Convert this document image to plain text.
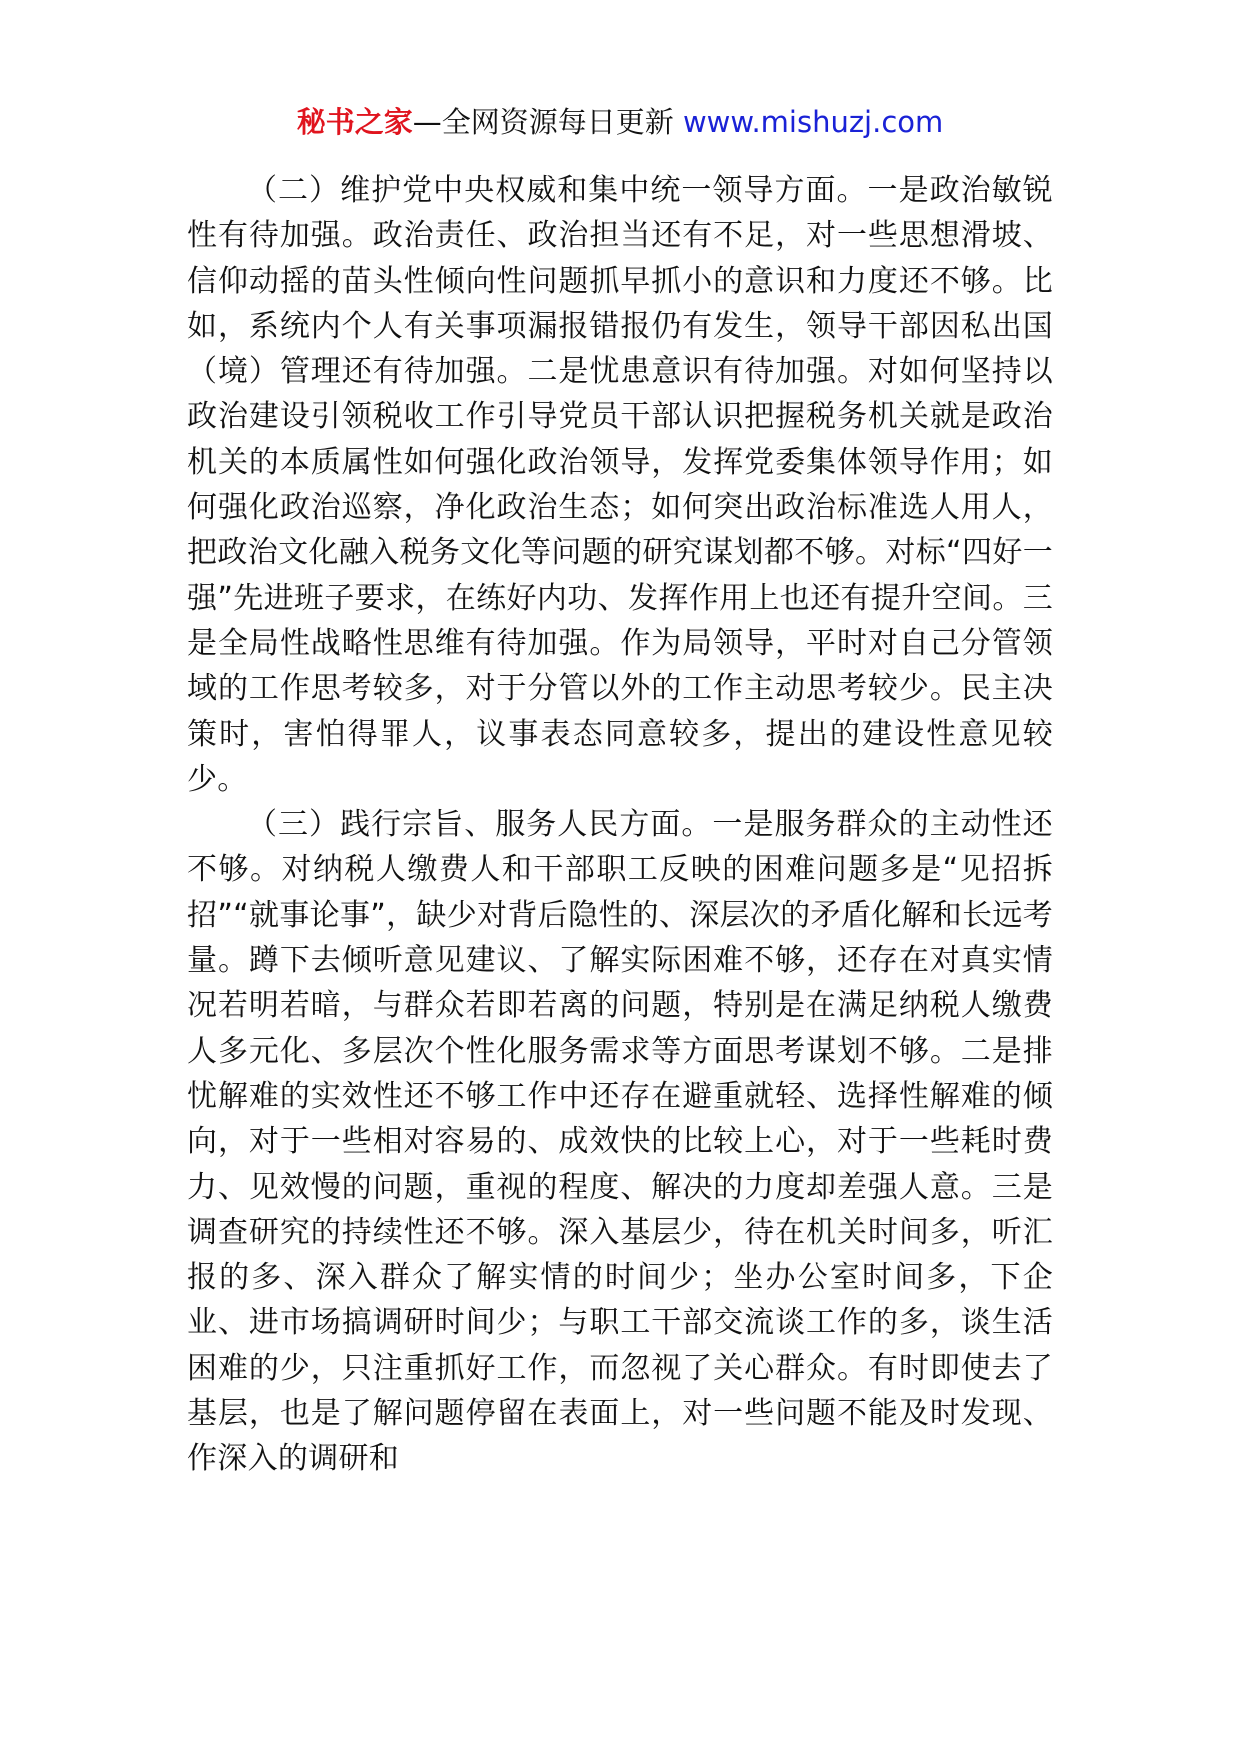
秘书之家—全网资源每日更新 www.mishuzj.com

（二）维护党中央权威和集中统一领导方面。一是政治敏锐性有待加强。政治责任、政治担当还有不足，对一些思想滑坡、信仰动摇的苗头性倾向性问题抓早抓小的意识和力度还不够。比如，系统内个人有关事项漏报错报仍有发生，领导干部因私出国（境）管理还有待加强。二是忧患意识有待加强。对如何坚持以政治建设引领税收工作引导党员干部认识把握税务机关就是政治机关的本质属性如何强化政治领导，发挥党委集体领导作用；如何强化政治巡察，净化政治生态；如何突出政治标准选人用人，把政治文化融入税务文化等问题的研究谋划都不够。对标“四好一强”先进班子要求，在练好内功、发挥作用上也还有提升空间。三是全局性战略性思维有待加强。作为局领导，平时对自己分管领域的工作思考较多，对于分管以外的工作主动思考较少。民主决策时，害怕得罪人，议事表态同意较多，提出的建设性意见较少。

（三）践行宗旨、服务人民方面。一是服务群众的主动性还不够。对纳税人缴费人和干部职工反映的困难问题多是“见招拆招”“就事论事”，缺少对背后隐性的、深层次的矛盾化解和长远考量。蹲下去倾听意见建议、了解实际困难不够，还存在对真实情况若明若暗，与群众若即若离的问题，特别是在满足纳税人缴费人多元化、多层次个性化服务需求等方面思考谋划不够。二是排忧解难的实效性还不够工作中还存在避重就轻、选择性解难的倾向，对于一些相对容易的、成效快的比较上心，对于一些耗时费力、见效慢的问题，重视的程度、解决的力度却差强人意。三是调查研究的持续性还不够。深入基层少，待在机关时间多，听汇报的多、深入群众了解实情的时间少；坐办公室时间多，下企业、进市场搞调研时间少；与职工干部交流谈工作的多，谈生活困难的少，只注重抓好工作，而忽视了关心群众。有时即使去了基层，也是了解问题停留在表面上，对一些问题不能及时发现、作深入的调研和
